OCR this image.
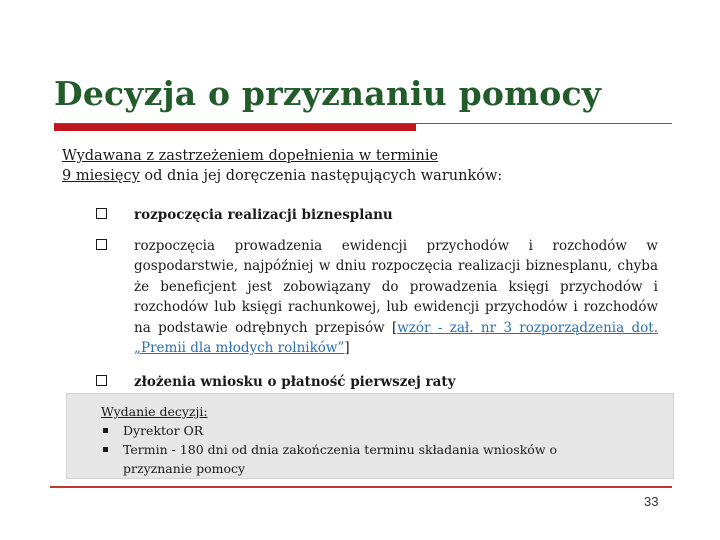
Decyzja o przyznaniu pomocy
Wydawana z zastrzeżeniem dopełnienia w terminie
9 miesięcy od dnia jej doręczenia następujących warunków:
rozpoczęcia realizacji biznesplanu
rozpoczęcia prowadzenia ewidencji przychodów i rozchodów w gospodarstwie, najpóźniej w dniu rozpoczęcia realizacji biznesplanu, chyba że beneficjent jest zobowiązany do prowadzenia księgi przychodów i rozchodów lub księgi rachunkowej, lub ewidencji przychodów i rozchodów na podstawie odrębnych przepisów [wzór - zał. nr 3 rozporządzenia dot. „Premii dla młodych rolników”]
złożenia wniosku o płatność pierwszej raty
Wydanie decyzji:
Dyrektor OR
Termin - 180 dni od dnia zakończenia terminu składania wniosków o przyznanie pomocy
33
